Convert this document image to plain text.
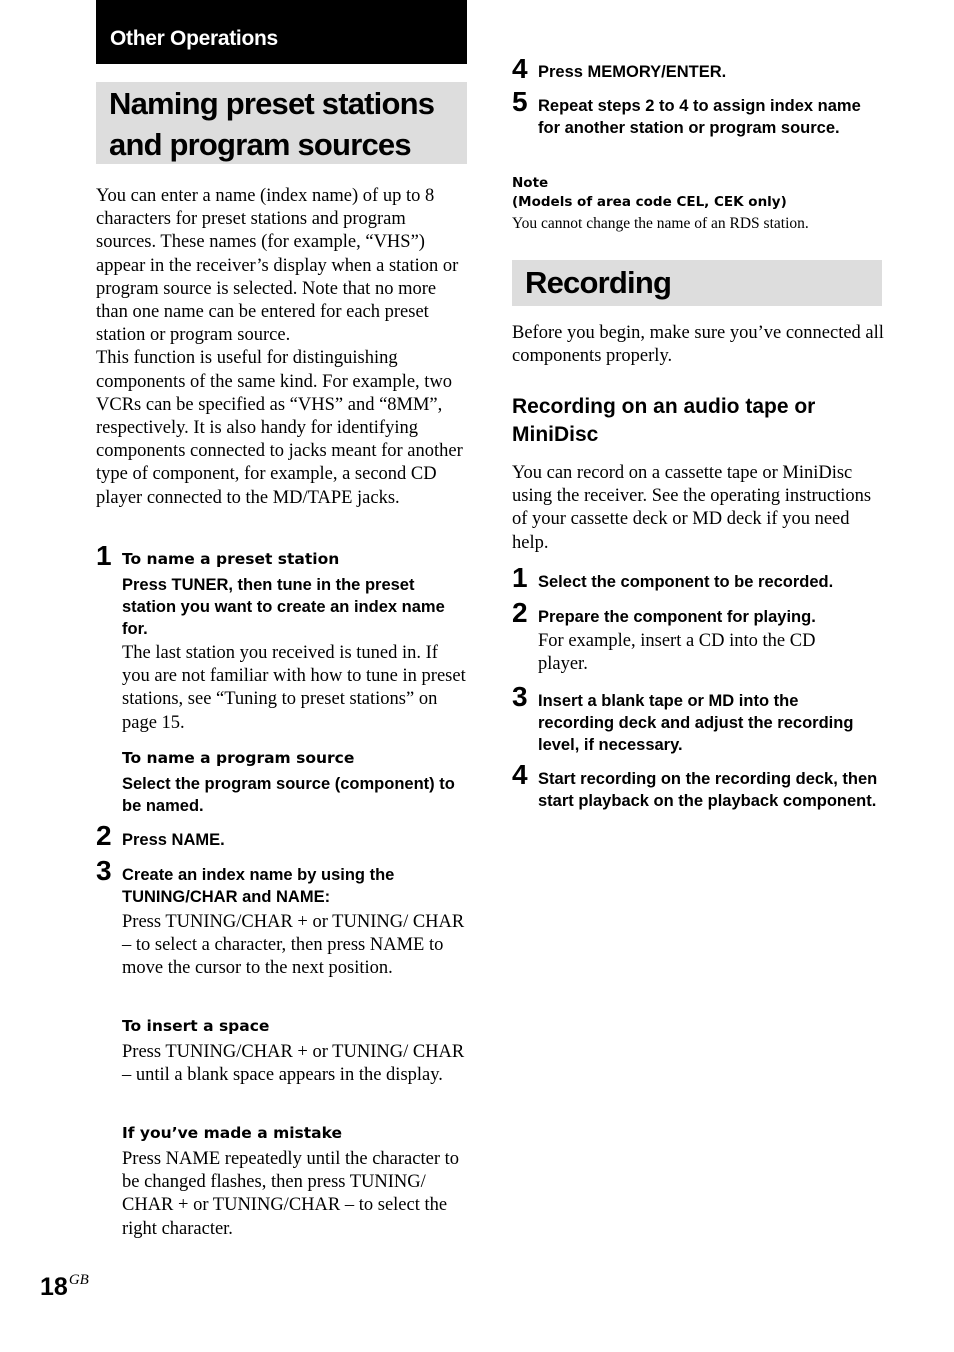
Other Operations
Naming preset stations
and program sources

You can enter a name (index name) of up to 8 characters for preset stations and program sources. These names (for example, “VHS”) appear in the receiver’s display when a station or program source is selected. Note that no more than one name can be entered for each preset station or program source.

This function is useful for distinguishing components of the same kind. For example, two VCRs can be specified as “VHS” and “8MM”, respectively. It is also handy for identifying components connected to jacks meant for another type of component, for example, a second CD player connected to the MD/TAPE jacks.

1 To name a preset station
Press TUNER, then tune in the preset station you want to create an index name for.
The last station you received is tuned in. If you are not familiar with how to tune in preset stations, see “Tuning to preset stations” on page 15.
To name a program source
Select the program source (component) to be named.
2 Press NAME.
3 Create an index name by using the TUNING/CHAR and NAME:
Press TUNING/CHAR + or TUNING/ CHAR – to select a character, then press NAME to move the cursor to the next position.
To insert a space
Press TUNING/CHAR + or TUNING/ CHAR – until a blank space appears in the display.
If you’ve made a mistake
Press NAME repeatedly until the character to be changed flashes, then press TUNING/ CHAR + or TUNING/CHAR – to select the right character.
4 Press MEMORY/ENTER.
5 Repeat steps 2 to 4 to assign index name for another station or program source.
Note
(Models of area code CEL, CEK only)
You cannot change the name of an RDS station.
Recording
Before you begin, make sure you’ve connected all components properly.
Recording on an audio tape or MiniDisc
You can record on a cassette tape or MiniDisc using the receiver. See the operating instructions of your cassette deck or MD deck if you need help.
1 Select the component to be recorded.
2 Prepare the component for playing.
For example, insert a CD into the CD player.
3 Insert a blank tape or MD into the recording deck and adjust the recording level, if necessary.
4 Start recording on the recording deck, then start playback on the playback component.
$18^{GB}$
